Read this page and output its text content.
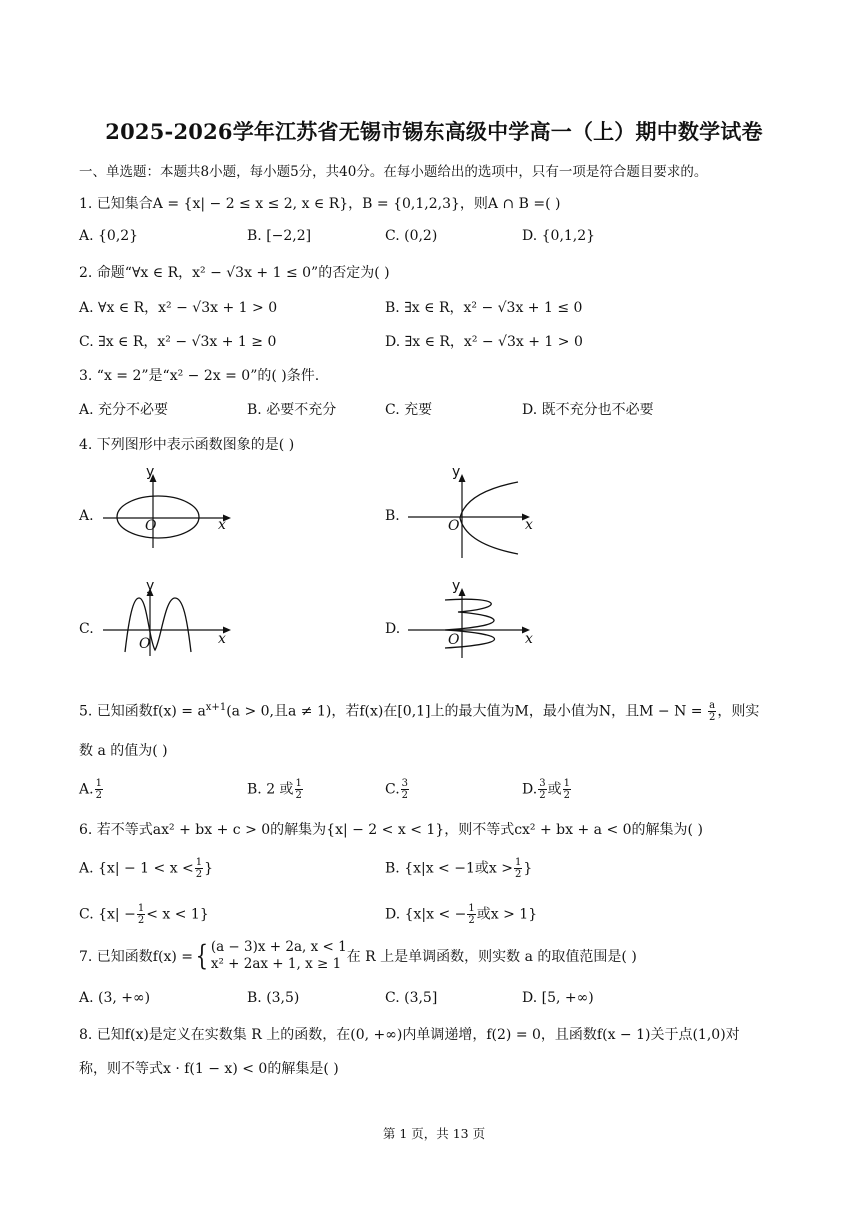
2025-2026学年江苏省无锡市锡东高级中学高一（上）期中数学试卷
一、单选题：本题共8小题，每小题5分，共40分。在每小题给出的选项中，只有一项是符合题目要求的。
1. 已知集合A = {x| − 2 ≤ x ≤ 2, x ∈ R}，B = {0,1,2,3}，则A ∩ B =( )
A. {0,2}	B. [−2,2]	C. (0,2)	D. {0,1,2}
2. 命题“∀x ∈ R，x² − √3x + 1 ≤ 0”的否定为( )
A. ∀x ∈ R，x² − √3x + 1 > 0	B. ∃x ∈ R，x² − √3x + 1 ≤ 0
C. ∃x ∈ R，x² − √3x + 1 ≥ 0	D. ∃x ∈ R，x² − √3x + 1 > 0
3. “x = 2”是“x² − 2x = 0”的( )条件.
A. 充分不必要	B. 必要不充分	C. 充要	D. 既不充分也不必要
4. 下列图形中表示函数图象的是( )
A.
y
O	x
B.
y
O	x
C.
y
O	x
D.
y
O	x
5. 已知函数$f(x) = a^{x+1}(a > 0$,且a ≠ 1)，若f(x)在[0,1]上的最大值为M，最小值为N，且$M - N = \frac{a}{2}$ ，则实
数 a 的值为( )
A. $\frac{1}{2}$	B. 2 或 $\frac{1}{2}$	C. $\frac{3}{2}$	D. $\frac{3}{2}$ 或 $\frac{1}{2}$
6. 若不等式ax² + bx + c > 0的解集为{x| − 2 < x < 1}，则不等式cx² + bx + a < 0的解集为( )
A. {$x| - 1 < x < \frac{1}{2}$ }	B. {x|x < −1或$x > \frac{1}{2}$ }
C. $\{x| - \frac{1}{2} < x < 1\}$	D. {x|x < − $\frac{1}{2}$ 或x > 1}
7. 已知函数f(x) ={ (a − 3)x + 2a, x < 1
x² + 2ax + 1, x ≥ 1 在 R 上是单调函数，则实数 a 的取值范围是( )
A. (3, +∞)	B. (3,5)	C. (3,5]	D. [5, +∞)
8. 已知f(x)是定义在实数集 R 上的函数，在(0, +∞)内单调递增，f(2) = 0，且函数f(x − 1)关于点(1,0)对
称，则不等式x · f(1 − x) < 0的解集是( )
第 1 页，共 13 页
